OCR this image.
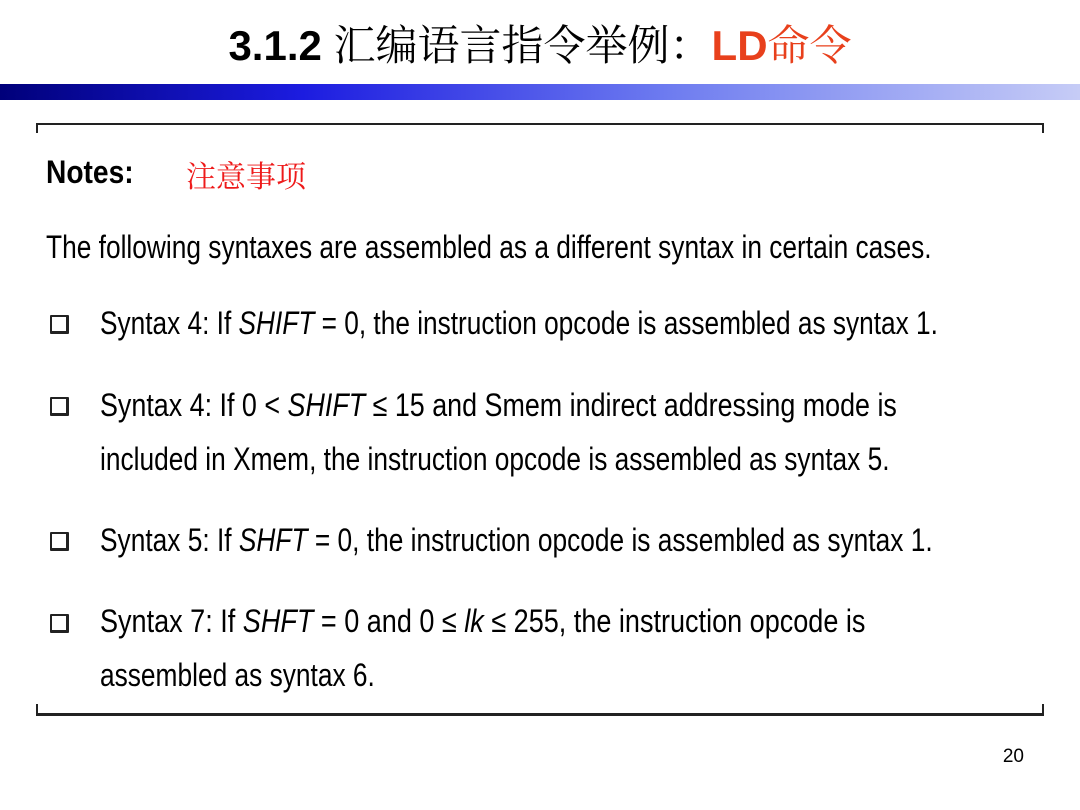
3.1.2 汇编语言指令举例：LD命令
Notes: 注意事项
The following syntaxes are assembled as a different syntax in certain cases.
Syntax 4: If SHIFT = 0, the instruction opcode is assembled as syntax 1.
Syntax 4: If 0 < SHIFT ≤ 15 and Smem indirect addressing mode is
included in Xmem, the instruction opcode is assembled as syntax 5.
Syntax 5: If SHFT = 0, the instruction opcode is assembled as syntax 1.
Syntax 7: If SHFT = 0 and 0 ≤ lk ≤ 255, the instruction opcode is
assembled as syntax 6.
20
